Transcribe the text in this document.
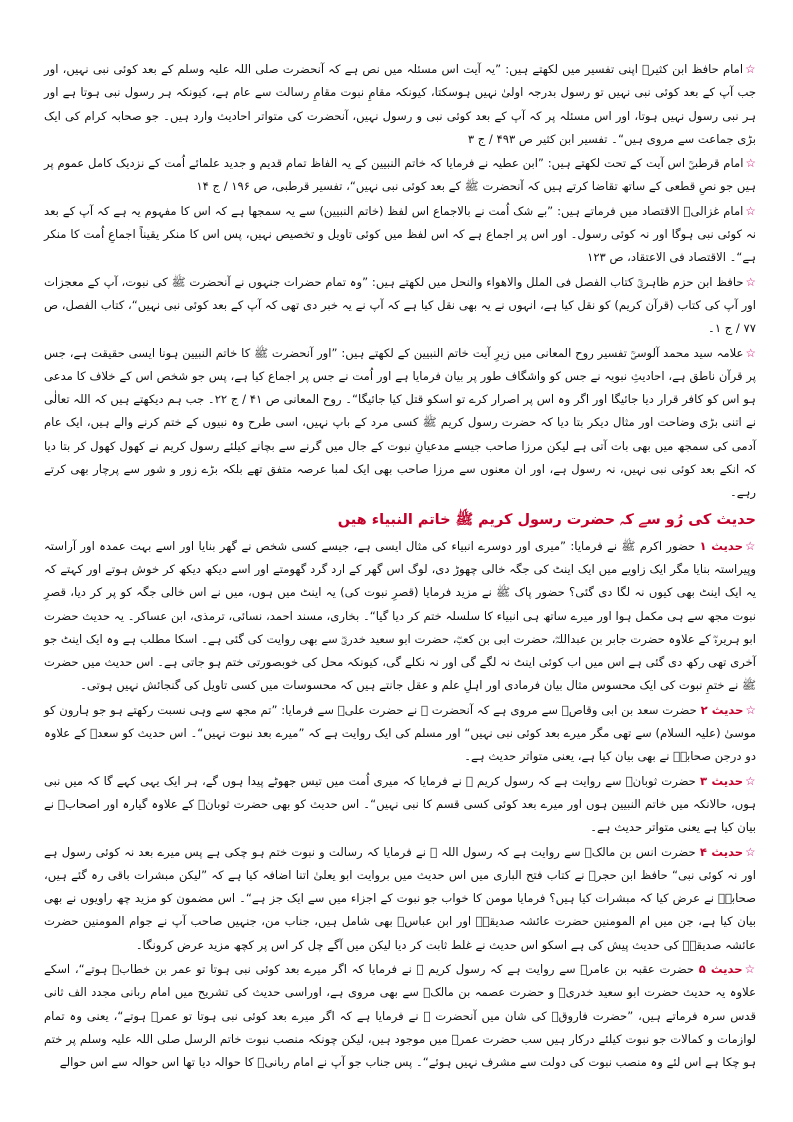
☆امام حافظ ابن کثیرؒ اپنی تفسیر میں لکھتے ہیں: ”یہ آیت اس مسئلہ میں نص ہے کہ آنحضرت صلی اللہ علیہ وسلم کے بعد کوئی نبی نہیں، اور جب آپ کے بعد کوئی نبی نہیں تو رسول بدرجہ اولیٰ نہیں ہوسکتا، کیونکہ مقامِ نبوت مقامِ رسالت سے عام ہے، کیونکہ ہر رسول نبی ہوتا ہے اور ہر نبی رسول نہیں ہوتا، اور اس مسئلہ پر کہ آپ کے بعد کوئی نبی و رسول نہیں، آنحضرت کی متواتر احادیث وارد ہیں۔ جو صحابہ کرام کی ایک بڑی جماعت سے مروی ہیں“۔ تفسیر ابن کثیر ص ۴۹۳ / ج ۳

☆امام قرطبیؒ اس آیت کے تحت لکھتے ہیں: ”ابن عطیہ نے فرمایا کہ خاتم النبیین کے یہ الفاظ تمام قدیم و جدید علمائے اُمت کے نزدیک کامل عموم پر ہیں جو نصِ قطعی کے ساتھ تقاضا کرتے ہیں کہ آنحضرت ﷺ کے بعد کوئی نبی نہیں“، تفسیر قرطبی، ص ۱۹۶ / ج ۱۴

☆امام غزالیؒ الاقتصاد میں فرماتے ہیں: ”بے شک اُمت نے بالاجماع اس لفظ (خاتم النبیین) سے یہ سمجھا ہے کہ اس کا مفہوم یہ ہے کہ آپ کے بعد نہ کوئی نبی ہوگا اور نہ کوئی رسول۔ اور اس پر اجماع ہے کہ اس لفظ میں کوئی تاویل و تخصیص نہیں، پس اس کا منکر یقیناً اجماعِ اُمت کا منکر ہے“۔ الاقتصاد فی الاعتقاد، ص ۱۲۳

☆حافظ ابن حزم ظاہریؒ کتاب الفصل فی الملل والاھواء والنحل میں لکھتے ہیں: ”وہ تمام حضرات جنہوں نے آنحضرت ﷺ کی نبوت، آپ کے معجزات اور آپ کی کتاب (قرآن کریم) کو نقل کیا ہے، انہوں نے یہ بھی نقل کیا ہے کہ آپ نے یہ خبر دی تھی کہ آپ کے بعد کوئی نبی نہیں“، کتاب الفصل، ص ۷۷ / ج ۱۔

☆علامہ سید محمد آلوسیؒ تفسیر روح المعانی میں زیرِ آیت خاتم النبیین کے لکھتے ہیں: ”اور آنحضرت ﷺ کا خاتم النبیین ہونا ایسی حقیقت ہے، جس پر قرآن ناطق ہے، احادیثِ نبویہ نے جس کو واشگاف طور پر بیان فرمایا ہے اور اُمت نے جس پر اجماع کیا ہے، پس جو شخص اس کے خلاف کا مدعی ہو اس کو کافر قرار دیا جائیگا اور اگر وہ اس پر اصرار کرے تو اسکو قتل کیا جائیگا“۔ روح المعانی ص ۴۱ / ج ۲۲۔ جب ہم دیکھتے ہیں کہ اللہ تعالٰی نے اتنی بڑی وضاحت اور مثال دیکر بتا دیا کہ حضرت رسول کریم ﷺ کسی مرد کے باپ نہیں، اسی طرح وہ نبیوں کے ختم کرنے والے ہیں، ایک عام آدمی کی سمجھ میں بھی بات آتی ہے لیکن مرزا صاحب جیسے مدعیانِ نبوت کے جال میں گرنے سے بچانے کیلئے رسول کریم نے کھول کھول کر بتا دیا کہ انکے بعد کوئی نبی نہیں، نہ رسول ہے، اور ان معنوں سے مرزا صاحب بھی ایک لمبا عرصہ متفق تھے بلکہ بڑے زور و شور سے پرچار بھی کرتے رہے۔

حدیث کی رُو سے کہ حضرت رسول کریم ﷺ خاتم النبیاء ھیں

☆حدیث ۱ حضور اکرم ﷺ نے فرمایا: ”میری اور دوسرے انبیاء کی مثال ایسی ہے، جیسے کسی شخص نے گھر بنایا اور اسے بہت عمدہ اور آراستہ وپیراستہ بنایا مگر ایک زاویے میں ایک اینٹ کی جگہ خالی چھوڑ دی، لوگ اس گھر کے ارد گرد گھومتے اور اسے دیکھ دیکھ کر خوش ہوتے اور کہتے کہ یہ ایک اینٹ بھی کیوں نہ لگا دی گئی؟ حضور پاک ﷺ نے مزید فرمایا (قصرِ نبوت کی) یہ اینٹ میں ہوں، میں نے اس خالی جگہ کو پر کر دیا، قصرِ نبوت مجھ سے ہی مکمل ہوا اور میرے ساتھ ہی انبیاء کا سلسلہ ختم کر دیا گیا“۔ بخاری، مسند احمد، نسائی، ترمذی، ابن عساکر۔ یہ حدیث حضرت ابو ہریرہؓ کے علاوہ حضرت جابر بن عبداللہؓ، حضرت ابی بن کعبؓ، حضرت ابو سعید خدریؓ سے بھی روایت کی گئی ہے۔ اسکا مطلب ہے وہ ایک اینٹ جو آخری تھی رکھ دی گئی ہے اس میں اب کوئی اینٹ نہ لگے گی اور نہ نکلے گی، کیونکہ محل کی خوبصورتی ختم ہو جاتی ہے۔ اس حدیث میں حضرت ﷺ نے ختمِ نبوت کی ایک محسوس مثال بیان فرمادی اور اہلِ علم و عقل جانتے ہیں کہ محسوسات میں کسی تاویل کی گنجائش نہیں ہوتی۔

☆حدیث ۲ حضرت سعد بن ابی وقاصؓ سے مروی ہے کہ آنحضرت ﷺ نے حضرت علیؓ سے فرمایا: ”تم مجھ سے وہی نسبت رکھتے ہو جو ہارون کو موسیٰ (علیہ السلام) سے تھی مگر میرے بعد کوئی نبی نہیں“ اور مسلم کی ایک روایت ہے کہ ”میرے بعد نبوت نہیں“۔ اس حدیث کو سعدؓ کے علاوہ دو درجن صحابہؓ نے بھی بیان کیا ہے، یعنی متواتر حدیث ہے۔

☆حدیث ۳ حضرت ثوبانؓ سے روایت ہے کہ رسول کریم ﷺ نے فرمایا کہ میری اُمت میں تیس جھوٹے پیدا ہوں گے، ہر ایک یہی کہے گا کہ میں نبی ہوں، حالانکہ میں خاتم النبیین ہوں اور میرے بعد کوئی کسی قسم کا نبی نہیں“۔ اس حدیث کو بھی حضرت ثوبانؓ کے علاوہ گیارہ اور اصحابؓ نے بیان کیا ہے یعنی متواتر حدیث ہے۔

☆حدیث ۴ حضرت انس بن مالکؓ سے روایت ہے کہ رسول اللہ ﷺ نے فرمایا کہ رسالت و نبوت ختم ہو چکی ہے پس میرے بعد نہ کوئی رسول ہے اور نہ کوئی نبی“ حافظ ابن حجرؒ نے کتاب فتح الباری میں اس حدیث میں بروایت ابو یعلیٰ اتنا اضافہ کیا ہے کہ ”لیکن مبشرات باقی رہ گئے ہیں، صحابہؓ نے عرض کیا کہ مبشرات کیا ہیں؟ فرمایا مومن کا خواب جو نبوت کے اجزاء میں سے ایک جز ہے“۔ اس مضمون کو مزید چھ راویوں نے بھی بیان کیا ہے، جن میں ام المومنین حضرت عائشہ صدیقہؓ اور ابن عباسؓ بھی شامل ہیں، جناب من، جنہیں صاحب آپ نے جوام المومنین حضرت عائشہ صدیقہؓ کی حدیث پیش کی ہے اسکو اس حدیث نے غلط ثابت کر دیا لیکن میں آگے چل کر اس پر کچھ مزید عرض کرونگا۔

☆حدیث ۵ حضرت عقبہ بن عامرؓ سے روایت ہے کہ رسول کریم ﷺ نے فرمایا کہ اگر میرے بعد کوئی نبی ہوتا تو عمر بن خطابؓ ہوتے“، اسکے علاوہ یہ حدیث حضرت ابو سعید خدریؓ و حضرت عصمہ بن مالکؓ سے بھی مروی ہے، اوراسی حدیث کی تشریح میں امام ربانی مجدد الف ثانی قدس سرہ فرماتے ہیں، ”حضرت فاروقؓ کی شان میں آنحضرت ﷺ نے فرمایا ہے کہ اگر میرے بعد کوئی نبی ہوتا تو عمرؓ ہوتے“، یعنی وہ تمام لوازمات و کمالات جو نبوت کیلئے درکار ہیں سب حضرت عمرؓ میں موجود ہیں، لیکن چونکہ منصب نبوت خاتم الرسل صلی اللہ علیہ وسلم پر ختم ہو چکا ہے اس لئے وہ منصب نبوت کی دولت سے مشرف نہیں ہوئے“۔ پس جناب جو آپ نے امام ربانیؒ کا حوالہ دیا تھا اس حوالہ سے اس حوالے
